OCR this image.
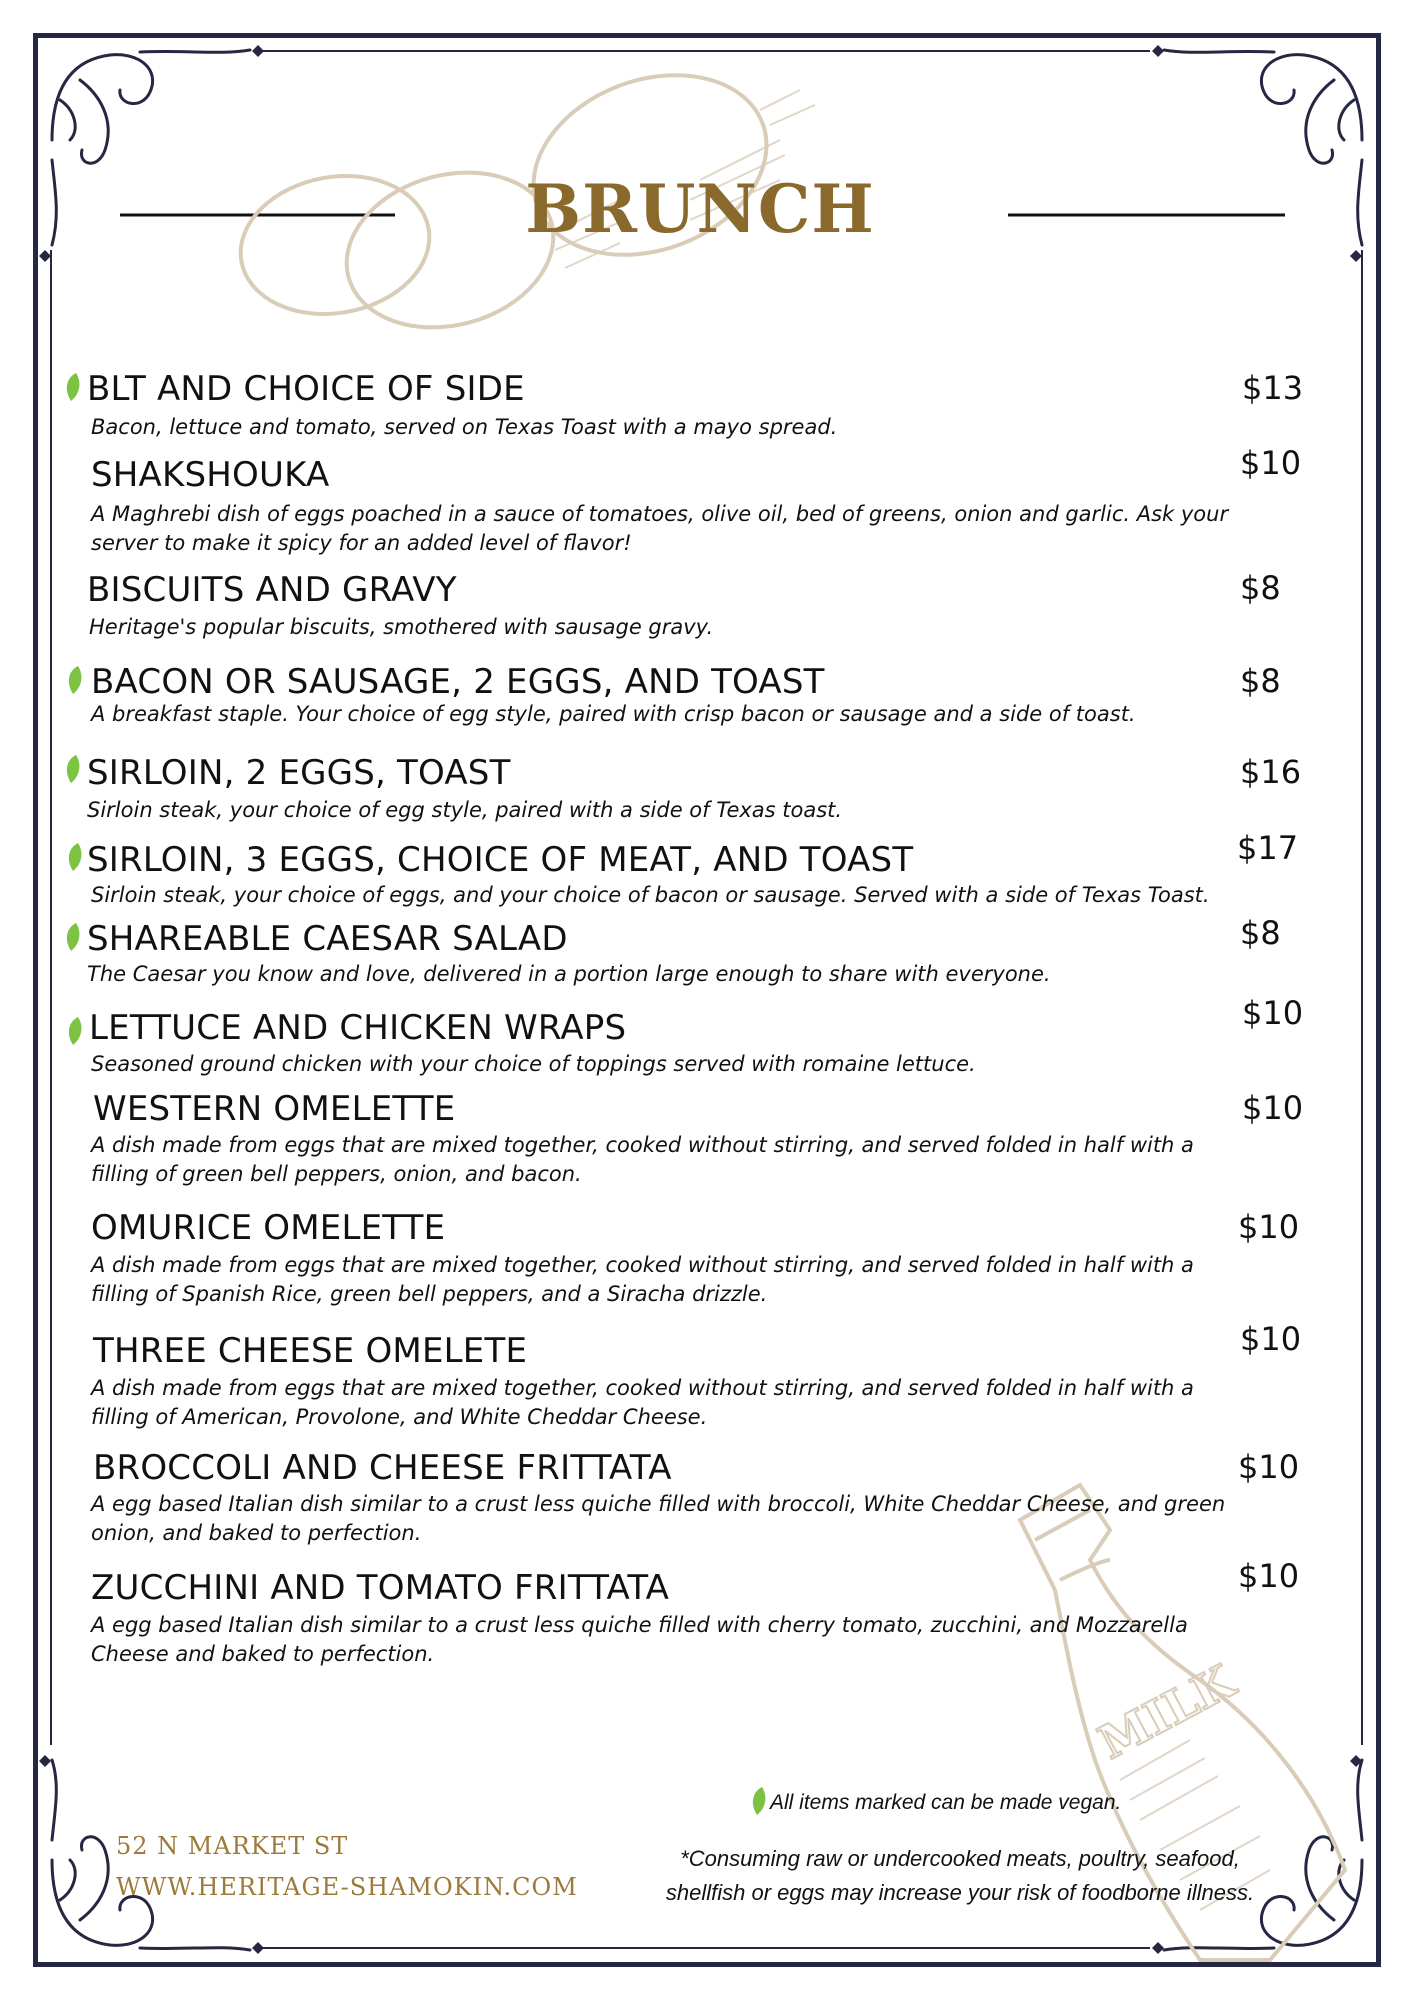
MILK
BRUNCH
BLT AND CHOICE OF SIDE	$13
Bacon, lettuce and tomato, served on Texas Toast with a mayo spread.
SHAKSHOUKA	$10
A Maghrebi dish of eggs poached in a sauce of tomatoes, olive oil, bed of greens, onion and garlic. Ask your server to make it spicy for an added level of flavor!
BISCUITS AND GRAVY	$8
Heritage's popular biscuits, smothered with sausage gravy.
BACON OR SAUSAGE, 2 EGGS, AND TOAST	$8
A breakfast staple. Your choice of egg style, paired with crisp bacon or sausage and a side of toast.
SIRLOIN, 2 EGGS, TOAST	$16
Sirloin steak, your choice of egg style, paired with a side of Texas toast.
SIRLOIN, 3 EGGS, CHOICE OF MEAT, AND TOAST	$17
Sirloin steak, your choice of eggs, and your choice of bacon or sausage. Served with a side of Texas Toast.
SHAREABLE CAESAR SALAD	$8
The Caesar you know and love, delivered in a portion large enough to share with everyone.
LETTUCE AND CHICKEN WRAPS	$10
Seasoned ground chicken with your choice of toppings served with romaine lettuce.
WESTERN OMELETTE	$10
A dish made from eggs that are mixed together, cooked without stirring, and served folded in half with a filling of green bell peppers, onion, and bacon.
OMURICE OMELETTE	$10
A dish made from eggs that are mixed together, cooked without stirring, and served folded in half with a filling of Spanish Rice, green bell peppers, and a Siracha drizzle.
THREE CHEESE OMELETE	$10
A dish made from eggs that are mixed together, cooked without stirring, and served folded in half with a filling of American, Provolone, and White Cheddar Cheese.
BROCCOLI AND CHEESE FRITTATA	$10
A egg based Italian dish similar to a crust less quiche filled with broccoli, White Cheddar Cheese, and green onion, and baked to perfection.
ZUCCHINI AND TOMATO FRITTATA	$10
A egg based Italian dish similar to a crust less quiche filled with cherry tomato, zucchini, and Mozzarella Cheese and baked to perfection.
52 N MARKET ST
WWW.HERITAGE-SHAMOKIN.COM
All items marked can be made vegan.
*Consuming raw or undercooked meats, poultry, seafood, shellfish or eggs may increase your risk of foodborne illness.
